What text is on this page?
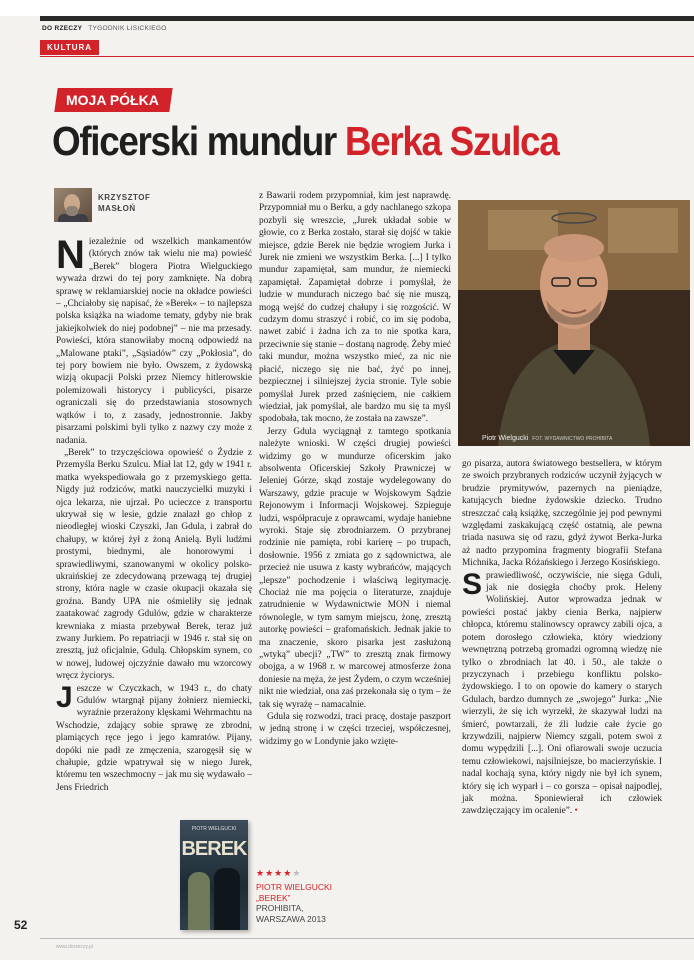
DO RZECZY TYGODNIK LISICKIEGO
KULTURA
MOJA PÓŁKA
Oficerski mundur Berka Szulca
KRZYSZTOF
MASŁOŃ

Niezależnie od wszelkich mankamentów (których znów tak wielu nie ma) powieść „Berek” blogera Piotra Wielguckiego wyważa drzwi do tej pory zamknięte. Na dobrą sprawę w reklamiarskiej nocie na okładce powieści – „Chciałoby się napisać, że »Berek« – to najlepsza polska książka na wiadome tematy, gdyby nie brak jakiejkolwiek do niej podobnej” – nie ma przesady. Powieści, która stanowiłaby mocną odpowiedź na „Malowane ptaki”, „Sąsiadów” czy „Pokłosia”, do tej pory bowiem nie było. Owszem, z żydowską wizją okupacji Polski przez Niemcy hitlerowskie polemizowali historycy i publicyści, pisarze ograniczali się do przedstawiania stosownych wątków i to, z zasady, jednostronnie. Jakby pisarzami polskimi byli tylko z nazwy czy może z nadania.

„Berek” to trzyczęściowa opowieść o Żydzie z Przemyśla Berku Szulcu. Miał lat 12, gdy w 1941 r. matka wyekspediowała go z przemyskiego getta. Nigdy już rodziców, matki nauczycielki muzyki i ojca lekarza, nie ujrzał. Po ucieczce z transportu ukrywał się w lesie, gdzie znalazł go chłop z nieodległej wioski Czyszki, Jan Gdula, i zabrał do chałupy, w której żył z żoną Anielą. Byli ludźmi prostymi, biednymi, ale honorowymi i sprawiedliwymi, szanowanymi w okolicy polsko-ukraińskiej ze zdecydowaną przewagą tej drugiej strony, która nagle w czasie okupacji okazała się groźna. Bandy UPA nie ośmieliły się jednak zaatakować zagrody Gdulów, gdzie w charakterze krewniaka z miasta przebywał Berek, teraz już zwany Jurkiem. Po repatriacji w 1946 r. stał się on zresztą, już oficjalnie, Gdulą. Chłopskim synem, co w nowej, ludowej ojczyźnie dawało mu wzorcowy wręcz życiorys.

Jeszcze w Czyczkach, w 1943 r., do chaty Gdulów wtargnął pijany żołnierz niemiecki, wyraźnie przerażony klęskami Wehrmachtu na Wschodzie, zdający sobie sprawę ze zbrodni, plamiących ręce jego i jego kamratów. Pijany, dopóki nie padł ze zmęczenia, szarogęsił się w chałupie, gdzie wpatrywał się w niego Jurek, któremu ten wszechmocny – jak mu się wydawało – Jens Friedrich

z Bawarii rodem przypomniał, kim jest naprawdę. Przypomniał mu o Berku, a gdy nachlanego szkopa pozbyli się wreszcie, „Jurek układał sobie w głowie, co z Berka zostało, starał się dojść w takie miejsce, gdzie Berek nie będzie wrogiem Jurka i Jurek nie zmieni we wszystkim Berka. [...] I tylko mundur zapamiętał, sam mundur, że niemiecki zapamiętał. Zapamiętał dobrze i pomyślał, że ludzie w mundurach niczego bać się nie muszą, mogą wejść do cudzej chałupy i się rozgościć. W cudzym domu straszyć i robić, co im się podoba, nawet zabić i żadna ich za to nie spotka kara, przeciwnie się stanie – dostaną nagrodę. Żeby mieć taki mundur, można wszystko mieć, za nic nie płacić, niczego się nie bać, żyć po innej, bezpiecznej i silniejszej życia stronie. Tyle sobie pomyślał Jurek przed zaśnięciem, nie całkiem wiedział, jak pomyślał, ale bardzo mu się ta myśl spodobała, tak mocno, że została na zawsze”.

Jerzy Gdula wyciągnął z tamtego spotkania należyte wnioski. W części drugiej powieści widzimy go w mundurze oficerskim jako absolwenta Oficerskiej Szkoły Prawniczej w Jeleniej Górze, skąd zostaje wydelegowany do Warszawy, gdzie pracuje w Wojskowym Sądzie Rejonowym i Informacji Wojskowej. Szpieguje ludzi, współpracuje z oprawcami, wydaje haniebne wyroki. Staje się zbrodniarzem. O przybranej rodzinie nie pamięta, robi karierę – po trupach, dosłownie. 1956 z zmiata go z sądownictwa, ale przecież nie usuwa z kasty wybrańców, mających „lepsze” pochodzenie i właściwą legitymację. Chociaż nie ma pojęcia o literaturze, znajduje zatrudnienie w Wydawnictwie MON i niemal równolegle, w tym samym miejscu, żonę, zresztą autorkę powieści – grafomańskich. Jednak jakie to ma znaczenie, skoro pisarka jest zasłużoną „wtyką” ubecji? „TW” to zresztą znak firmowy obojga, a w 1968 r. w marcowej atmosferze żona doniesie na męża, że jest Żydem, o czym wcześniej nikt nie wiedział, ona zaś przekonała się o tym – że tak się wyrażę – namacalnie.

Gdula się rozwodzi, traci pracę, dostaje paszport w jedną stronę i w części trzeciej, współczesnej, widzimy go w Londynie jako wzięte-

Piotr Wielgucki FOT. WYDAWNICTWO PROHIBITA

go pisarza, autora światowego bestsellera, w którym ze swoich przybranych rodziców uczynił żyjących w brudzie prymitywów, pazernych na pieniądze, katujących biedne żydowskie dziecko. Trudno streszczać całą książkę, szczególnie jej pod pewnymi względami zaskakującą część ostatnią, ale pewna triada nasuwa się od razu, gdyż żywot Berka-Jurka aż nadto przypomina fragmenty biografii Stefana Michnika, Jacka Różańskiego i Jerzego Kosińskiego.

Sprawiedliwość, oczywiście, nie sięga Gduli, jak nie dosięgła choćby prok. Heleny Wolińskiej. Autor wprowadza jednak w powieści postać jakby cienia Berka, najpierw chłopca, któremu stalinowscy oprawcy zabili ojca, a potem dorosłego człowieka, który wiedziony wewnętrzną potrzebą gromadzi ogromną wiedzę nie tylko o zbrodniach lat 40. i 50., ale także o przyczynach i przebiegu konfliktu polsko-żydowskiego. I to on opowie do kamery o starych Gdulach, bardzo dumnych ze „swojego” Jurka: „Nie wierzyli, że się ich wyrzekł, że skazywał ludzi na śmierć, powtarzali, że źli ludzie całe życie go krzywdzili, najpierw Niemcy szgali, potem swoi z domu wypędzili [...]. Oni ofiarowali swoje uczucia temu człowiekowi, najsilniejsze, bo macierzyńskie. I nadal kochają syna, który nigdy nie był ich synem, który się ich wyparł i – co gorsza – opisał najpodlej, jak można. Sponiewierał ich człowiek zawdzięczający im ocalenie”. •

PIOTR WIELGUCKI
BEREK
★★★★★
PIOTR WIELGUCKI
„BEREK”
PROHIBITA,
WARSZAWA 2013
52
www.dorzeczy.pl
